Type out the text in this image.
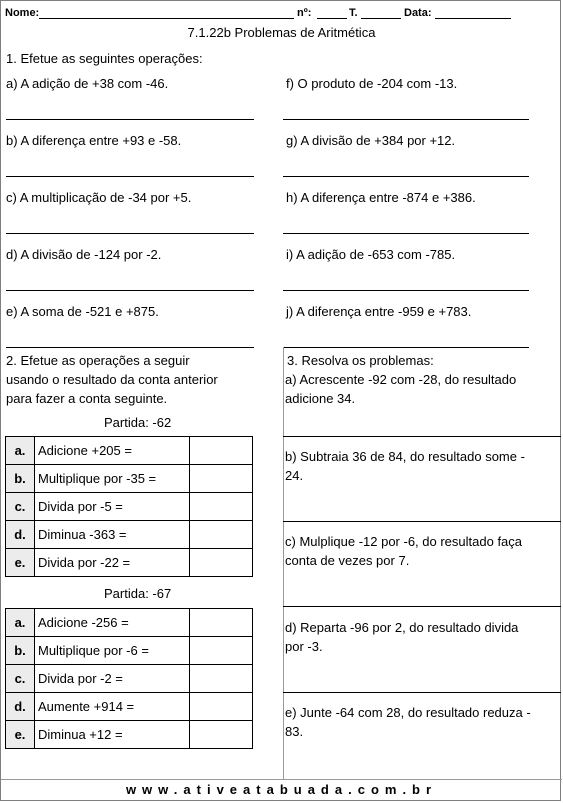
Nome:	nº:	T.	Data:
7.1.22b Problemas de Aritmética
1. Efetue as seguintes operações:
a) A adição de +38 com -46.
b) A diferença entre +93 e -58.
c) A multiplicação de -34 por +5.
d) A divisão de -124 por -2.
e) A soma de -521 e +875.
f) O produto de -204 com -13.
g) A divisão de +384 por +12.
h) A diferença entre -874 e +386.
i) A adição de -653 com -785.
j) A diferença entre -959 e +783.
2. Efetue as operações a seguir
usando o resultado da conta anterior
para fazer a conta seguinte.
Partida: -62
a.	Adicione +205 =	
b.	Multiplique por -35 =	
c.	Divida por -5 =	
d.	Diminua -363 =	
e.	Divida por -22 =	
Partida: -67
a.	Adicione -256 =	
b.	Multiplique por -6 =	
c.	Divida por -2 =	
d.	Aumente +914 =	
e.	Diminua +12 =	
3. Resolva os problemas:
a) Acrescente -92 com -28, do resultado
adicione 34.
b) Subtraia 36 de 84, do resultado some -
24.
c) Mulplique -12 por -6, do resultado faça
conta de vezes por 7.
d) Reparta -96 por 2, do resultado divida
por -3.
e) Junte -64 com 28, do resultado reduza -
83.
www.ativeatabuada.com.br
